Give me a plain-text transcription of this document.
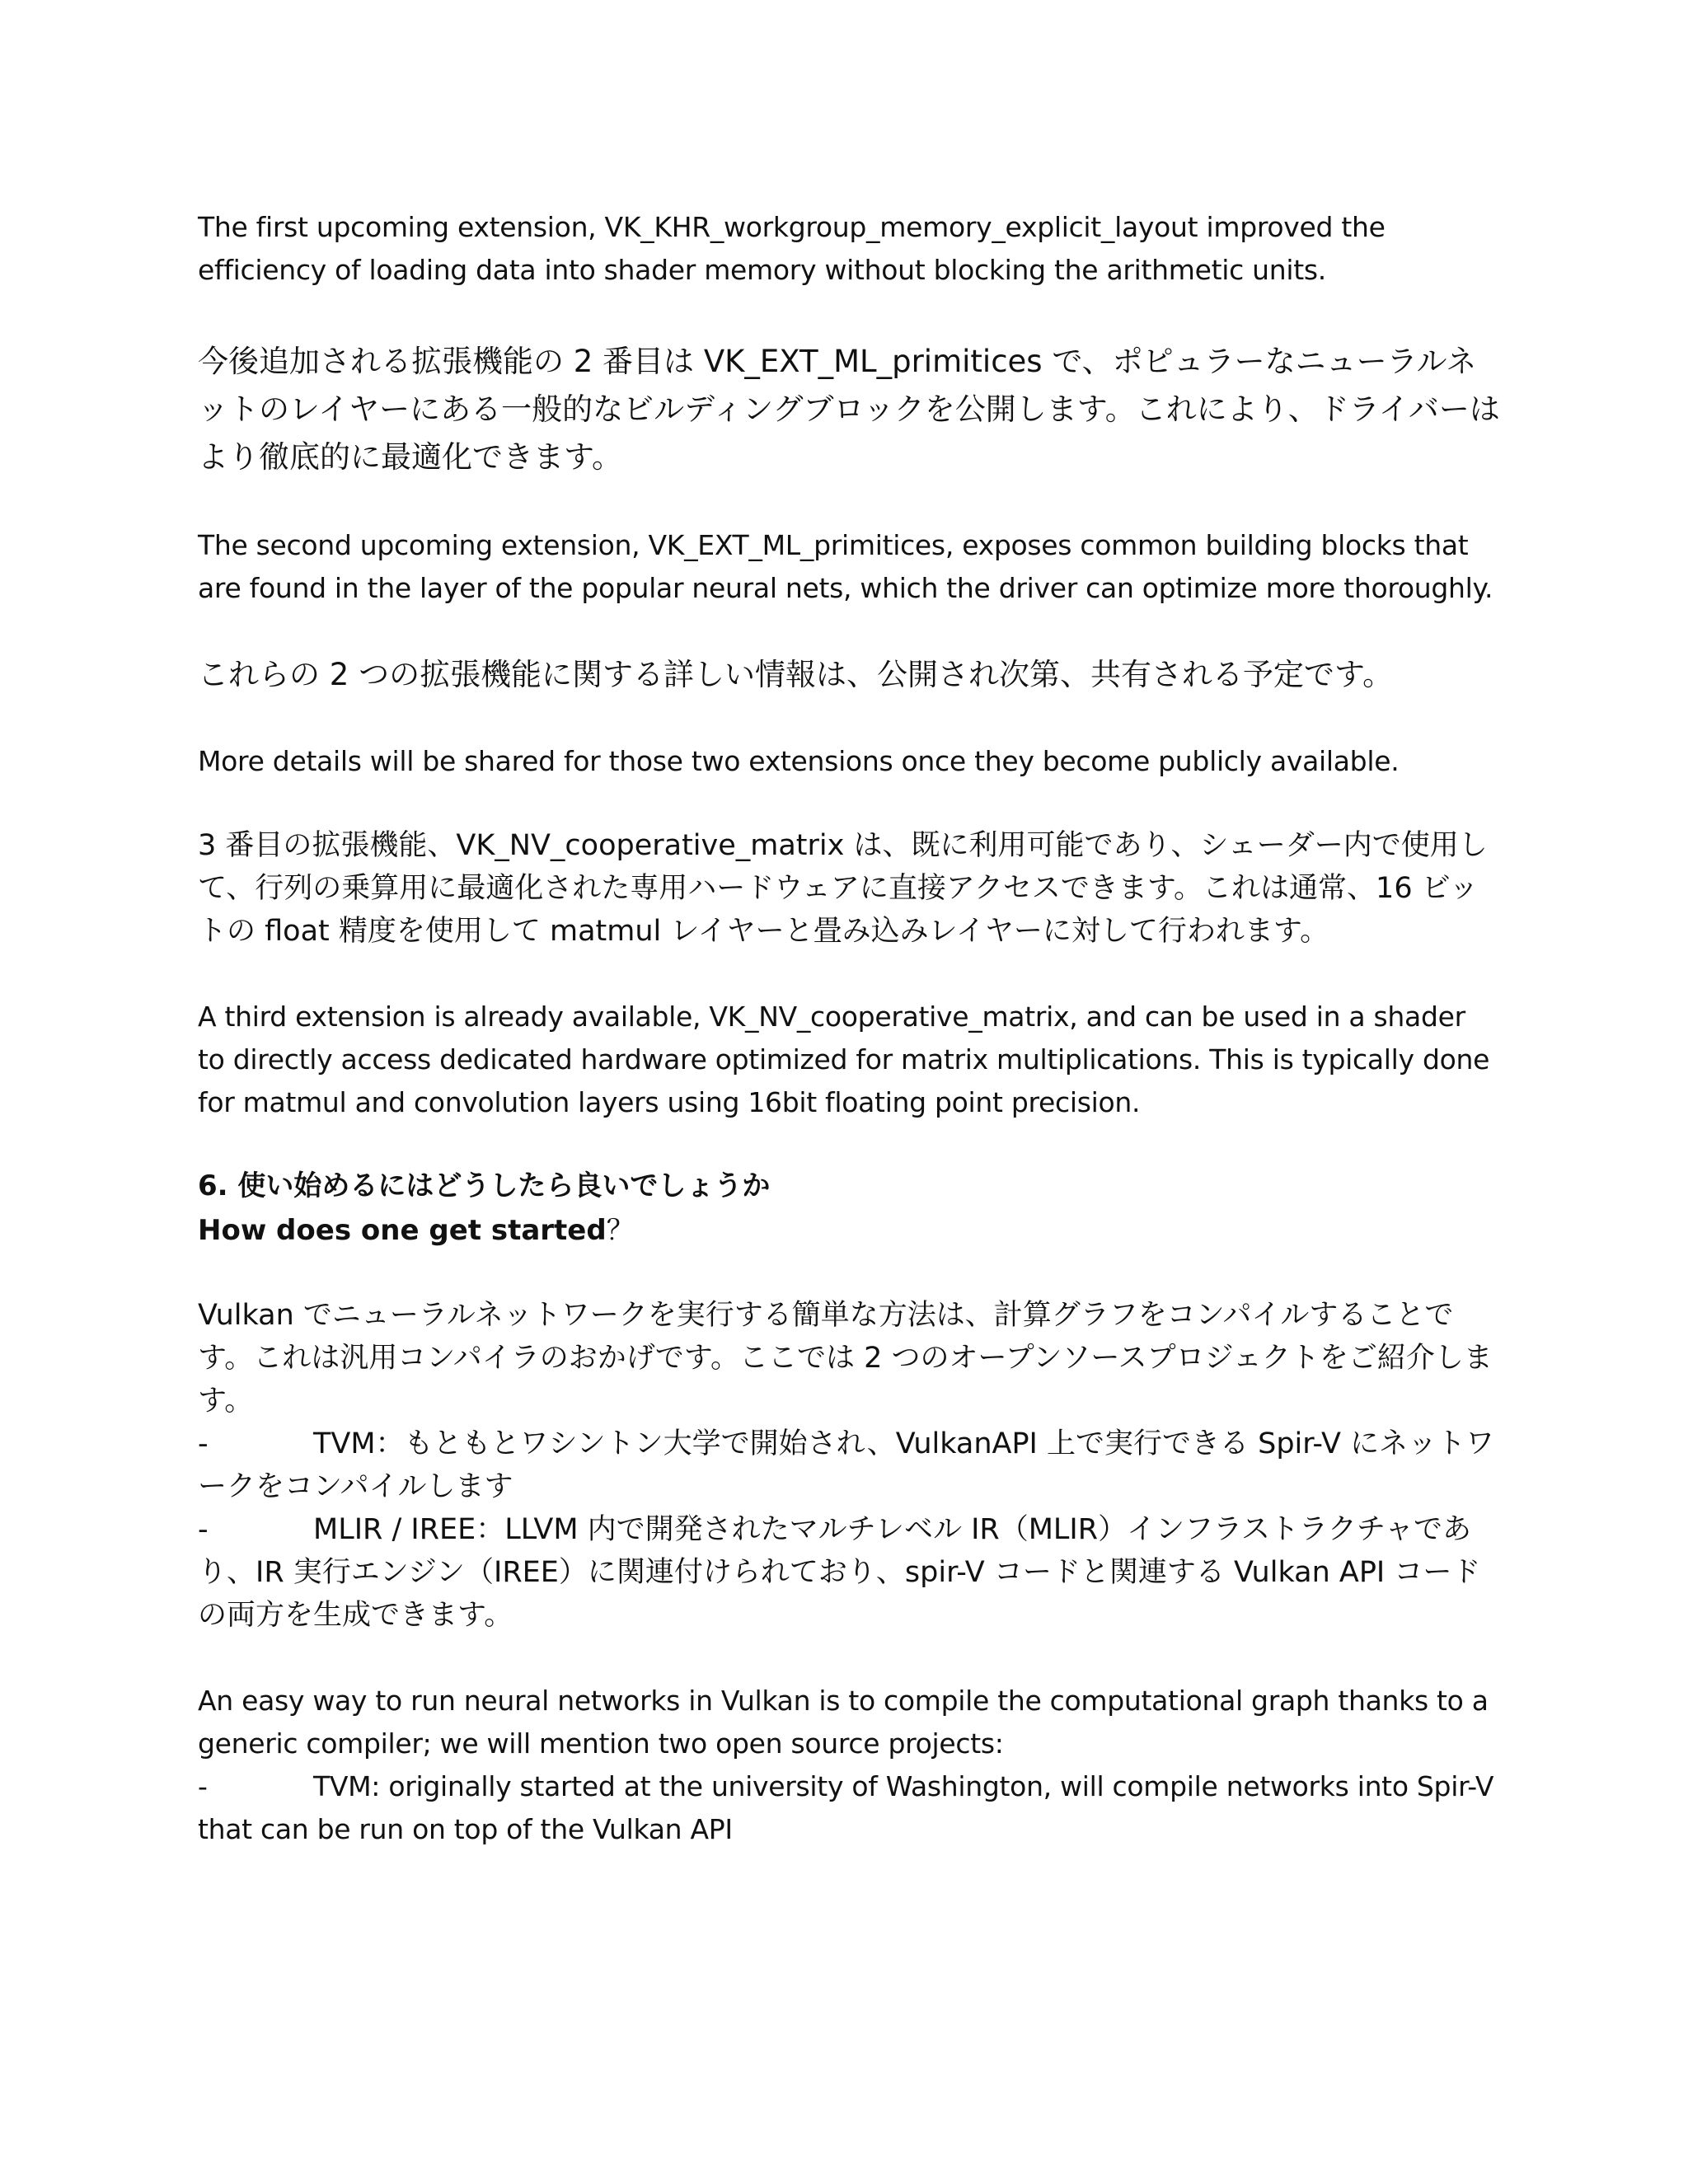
The first upcoming extension, VK_KHR_workgroup_memory_explicit_layout improved the efficiency of loading data into shader memory without blocking the arithmetic units.

今後追加される拡張機能の 2 番目は VK_EXT_ML_primitices で、ポピュラーなニューラルネットのレイヤーにある一般的なビルディングブロックを公開します。これにより、ドライバーはより徹底的に最適化できます。

The second upcoming extension, VK_EXT_ML_primitices, exposes common building blocks that are found in the layer of the popular neural nets, which the driver can optimize more thoroughly.

これらの 2 つの拡張機能に関する詳しい情報は、公開され次第、共有される予定です。

More details will be shared for those two extensions once they become publicly available.

3 番目の拡張機能、VK_NV_cooperative_matrix は、既に利用可能であり、シェーダー内で使用して、行列の乗算用に最適化された専用ハードウェアに直接アクセスできます。これは通常、16 ビットの float 精度を使用して matmul レイヤーと畳み込みレイヤーに対して行われます。

A third extension is already available, VK_NV_cooperative_matrix, and can be used in a shader to directly access dedicated hardware optimized for matrix multiplications. This is typically done for matmul and convolution layers using 16bit floating point precision.

6. 使い始めるにはどうしたら良いでしょうか

How does one get started？

Vulkan でニューラルネットワークを実行する簡単な方法は、計算グラフをコンパイルすることです。これは汎用コンパイラのおかげです。ここでは 2 つのオープンソースプロジェクトをご紹介します。

-	TVM：もともとワシントン大学で開始され、VulkanAPI 上で実行できる Spir-V にネットワークをコンパイルします

-	MLIR / IREE：LLVM 内で開発されたマルチレベル IR（MLIR）インフラストラクチャであり、IR 実行エンジン（IREE）に関連付けられており、spir-V コードと関連する Vulkan API コードの両方を生成できます。

An easy way to run neural networks in Vulkan is to compile the computational graph thanks to a generic compiler; we will mention two open source projects:

-	TVM: originally started at the university of Washington, will compile networks into Spir-V that can be run on top of the Vulkan API
